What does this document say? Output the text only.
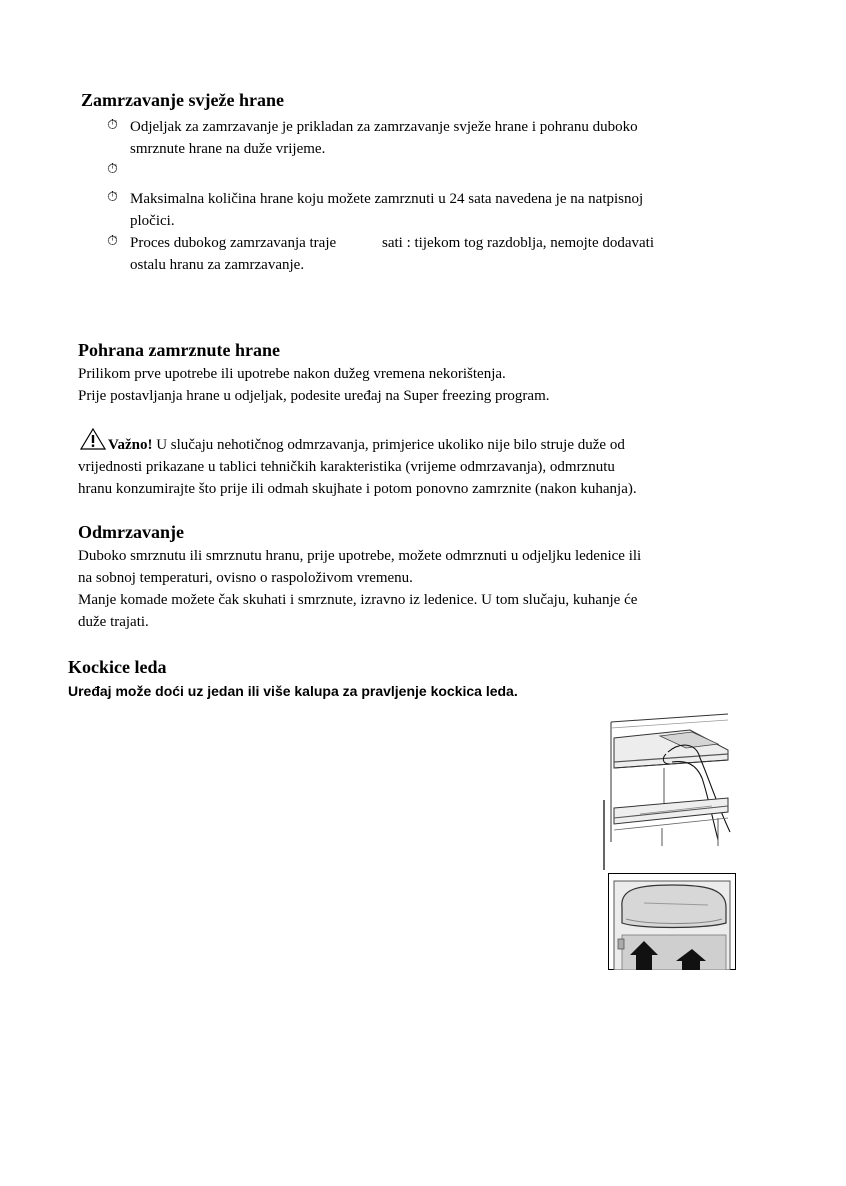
Zamrzavanje svježe hrane
⏱ Odjeljak za zamrzavanje je prikladan za zamrzavanje svježe hrane i pohranu duboko
smrznute hrane na duže vrijeme.
⏱
⏱ Maksimalna količina hrane koju možete zamrznuti u 24 sata navedena je na natpisnoj
pločici.
⏱ Proces dubokog zamrzavanja traje	sati : tijekom tog razdoblja, nemojte dodavati
ostalu hranu za zamrzavanje.
Pohrana zamrznute hrane
Prilikom prve upotrebe ili upotrebe nakon dužeg vremena nekorištenja.
Prije postavljanja hrane u odjeljak, podesite uređaj na Super freezing program.
Važno! U slučaju nehotičnog odmrzavanja, primjerice ukoliko nije bilo struje duže od
vrijednosti prikazane u tablici tehničkih karakteristika (vrijeme odmrzavanja), odmrznutu
hranu konzumirajte što prije ili odmah skujhate i potom ponovno zamrznite (nakon kuhanja).
Odmrzavanje
Duboko smrznutu ili smrznutu hranu, prije upotrebe, možete odmrznuti u odjeljku ledenice ili
na sobnoj temperaturi, ovisno o raspoloživom vremenu.
Manje komade možete čak skuhati i smrznute, izravno iz ledenice. U tom slučaju, kuhanje će
duže trajati.
Kockice leda
Uređaj može doći uz jedan ili više kalupa za pravljenje kockica leda.
